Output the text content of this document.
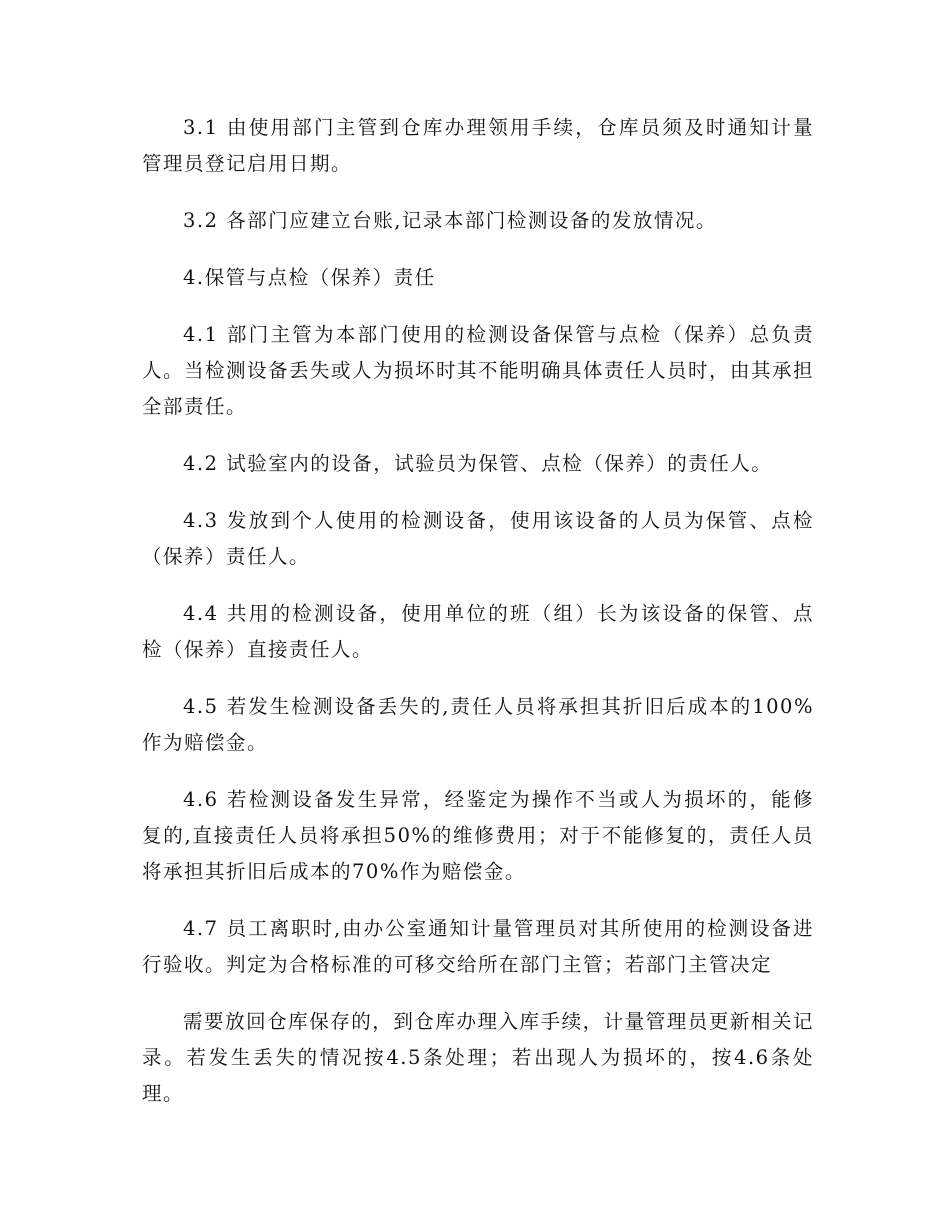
3.1 由使用部门主管到仓库办理领用手续，仓库员须及时通知计量管理员登记启用日期。

3.2 各部门应建立台账,记录本部门检测设备的发放情况。

4.保管与点检（保养）责任

4.1 部门主管为本部门使用的检测设备保管与点检（保养）总负责人。当检测设备丢失或人为损坏时其不能明确具体责任人员时，由其承担全部责任。

4.2 试验室内的设备，试验员为保管、点检（保养）的责任人。

4.3 发放到个人使用的检测设备，使用该设备的人员为保管、点检（保养）责任人。

4.4 共用的检测设备，使用单位的班（组）长为该设备的保管、点检（保养）直接责任人。

4.5 若发生检测设备丢失的,责任人员将承担其折旧后成本的100%作为赔偿金。

4.6 若检测设备发生异常，经鉴定为操作不当或人为损坏的，能修复的,直接责任人员将承担50%的维修费用；对于不能修复的，责任人员将承担其折旧后成本的70%作为赔偿金。

4.7 员工离职时,由办公室通知计量管理员对其所使用的检测设备进行验收。判定为合格标准的可移交给所在部门主管；若部门主管决定

需要放回仓库保存的，到仓库办理入库手续，计量管理员更新相关记录。若发生丢失的情况按4.5条处理；若出现人为损坏的，按4.6条处理。
